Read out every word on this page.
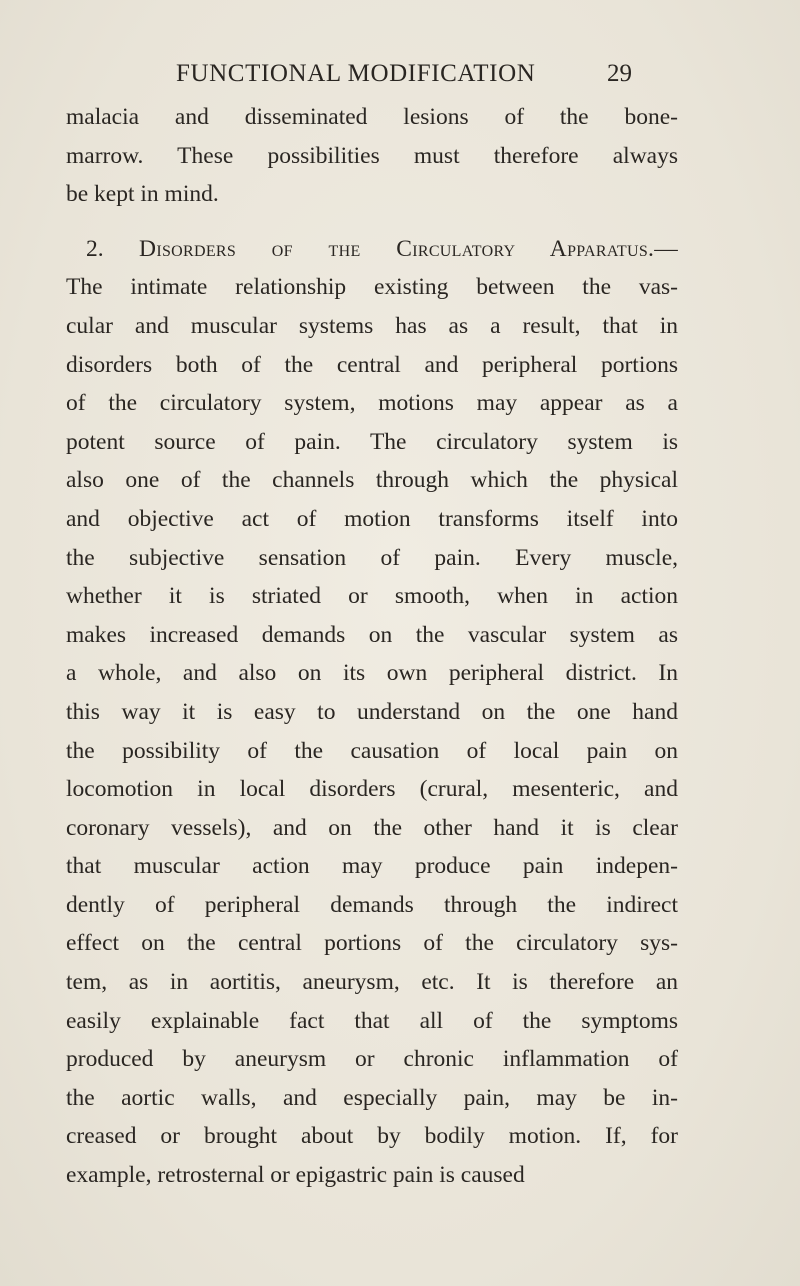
FUNCTIONAL MODIFICATION	29
malacia and disseminated lesions of the bone-
marrow. These possibilities must therefore always
be kept in mind.
2. Disorders of the Circulatory Apparatus.—
The intimate relationship existing between the vas-
cular and muscular systems has as a result, that in
disorders both of the central and peripheral portions
of the circulatory system, motions may appear as a
potent source of pain. The circulatory system is
also one of the channels through which the physical
and objective act of motion transforms itself into
the subjective sensation of pain. Every muscle,
whether it is striated or smooth, when in action
makes increased demands on the vascular system as
a whole, and also on its own peripheral district. In
this way it is easy to understand on the one hand
the possibility of the causation of local pain on
locomotion in local disorders (crural, mesenteric, and
coronary vessels), and on the other hand it is clear
that muscular action may produce pain indepen-
dently of peripheral demands through the indirect
effect on the central portions of the circulatory sys-
tem, as in aortitis, aneurysm, etc. It is therefore an
easily explainable fact that all of the symptoms
produced by aneurysm or chronic inflammation of
the aortic walls, and especially pain, may be in-
creased or brought about by bodily motion. If, for
example, retrosternal or epigastric pain is caused
